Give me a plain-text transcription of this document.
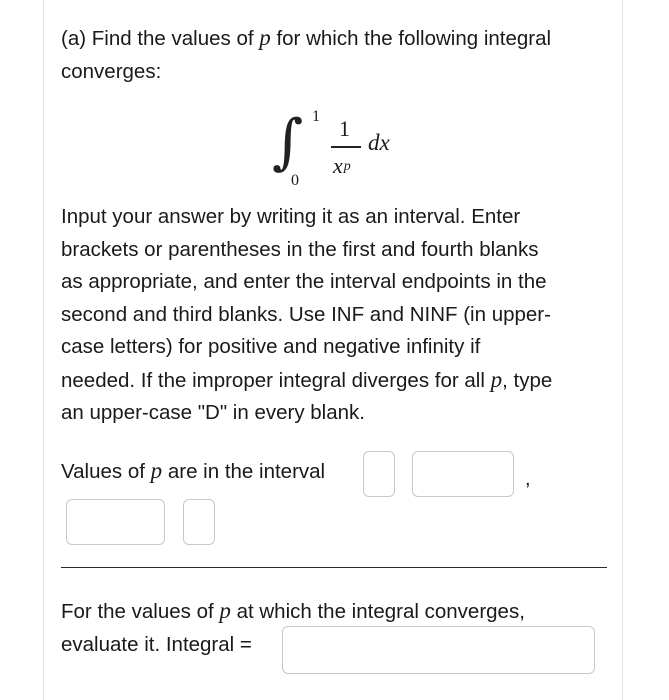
(a) Find the values of p for which the following integral
converges:

∫ 1
0
1
$x^p$
dx

Input your answer by writing it as an interval. Enter
brackets or parentheses in the first and fourth blanks
as appropriate, and enter the interval endpoints in the
second and third blanks. Use INF and NINF (in upper-
case letters) for positive and negative infinity if
needed. If the improper integral diverges for all p, type
an upper-case "D" in every blank.

Values of p are in the interval	,

For the values of p at which the integral converges,
evaluate it. Integral =
